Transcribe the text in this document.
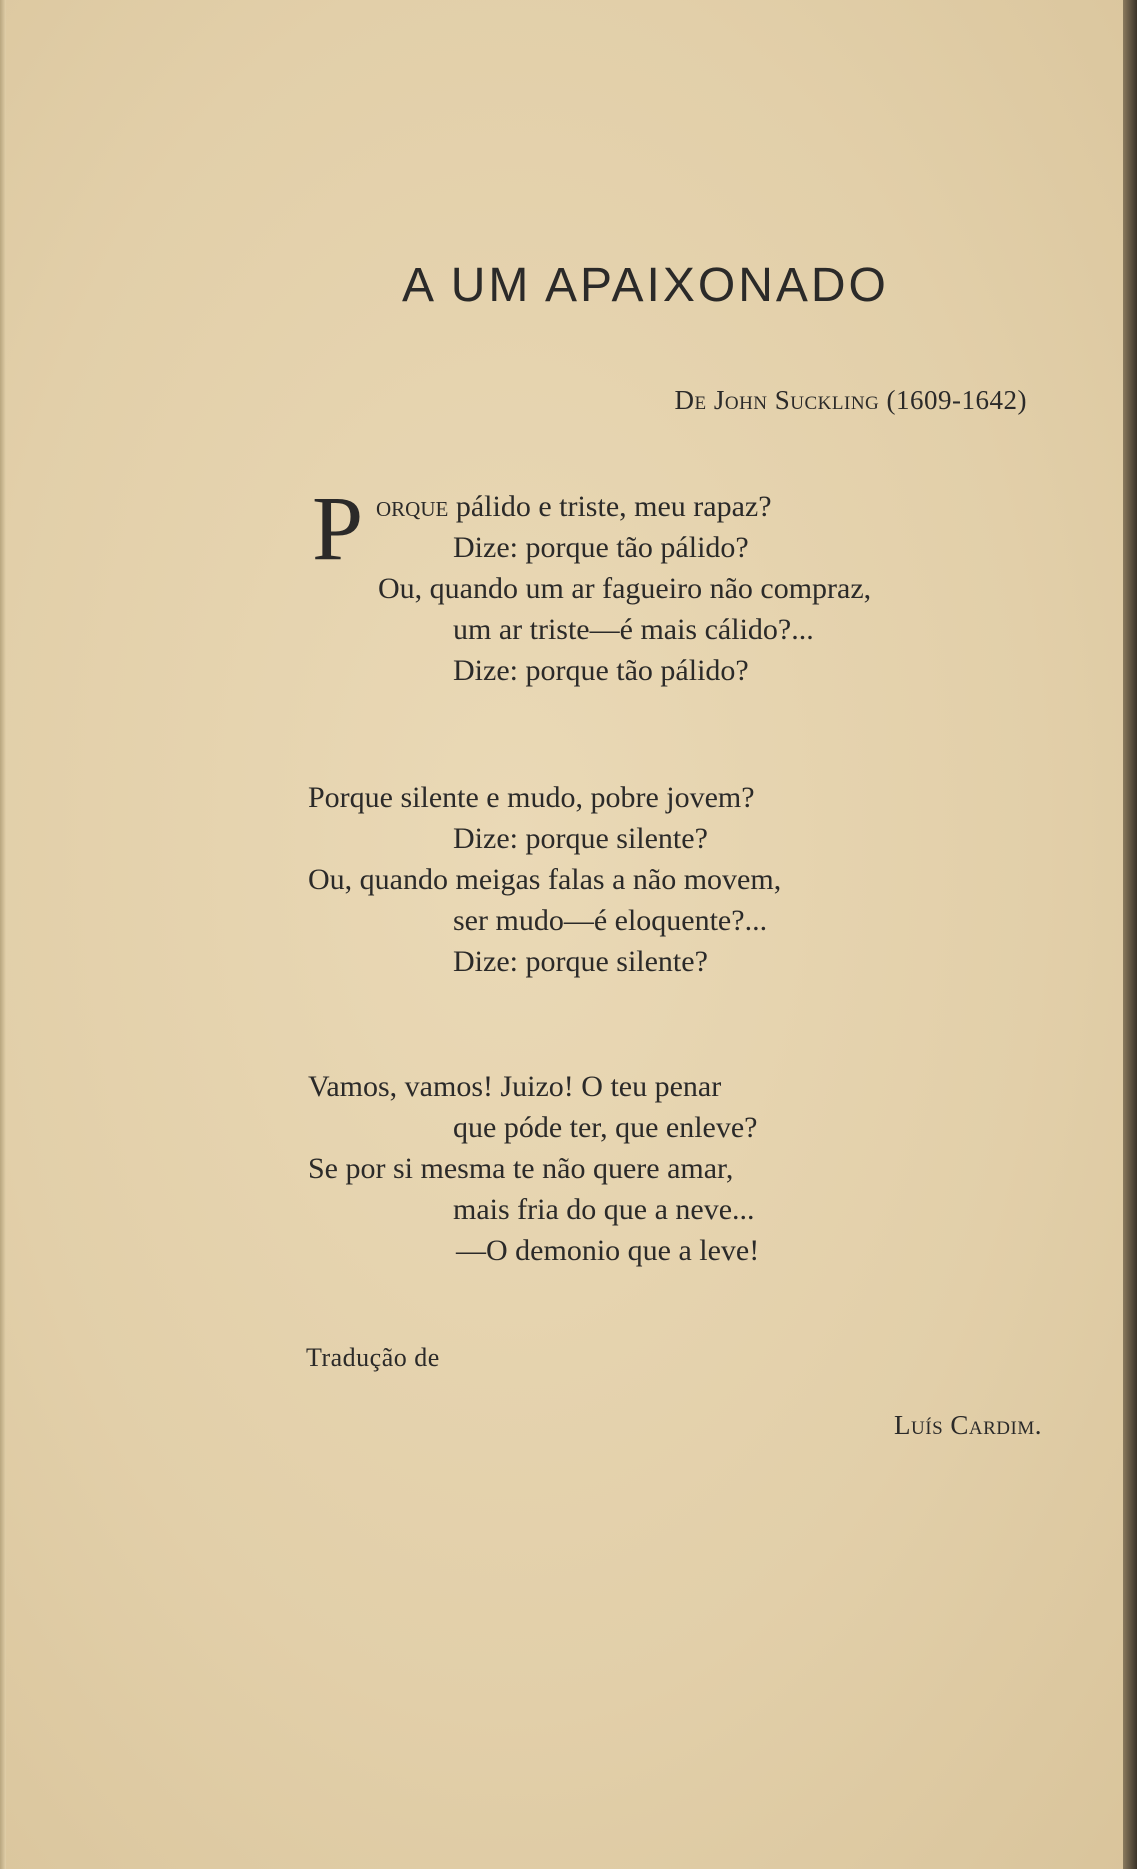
A UM APAIXONADO
De John Suckling (1609-1642)
P orque pálido e triste, meu rapaz?
Dize: porque tão pálido?
Ou, quando um ar fagueiro não compraz,
um ar triste—é mais cálido?...
Dize: porque tão pálido?
Porque silente e mudo, pobre jovem?
Dize: porque silente?
Ou, quando meigas falas a não movem,
ser mudo—é eloquente?...
Dize: porque silente?
Vamos, vamos! Juizo! O teu penar
que póde ter, que enleve?
Se por si mesma te não quere amar,
mais fria do que a neve...
—O demonio que a leve!
Tradução de
Luís Cardim.
